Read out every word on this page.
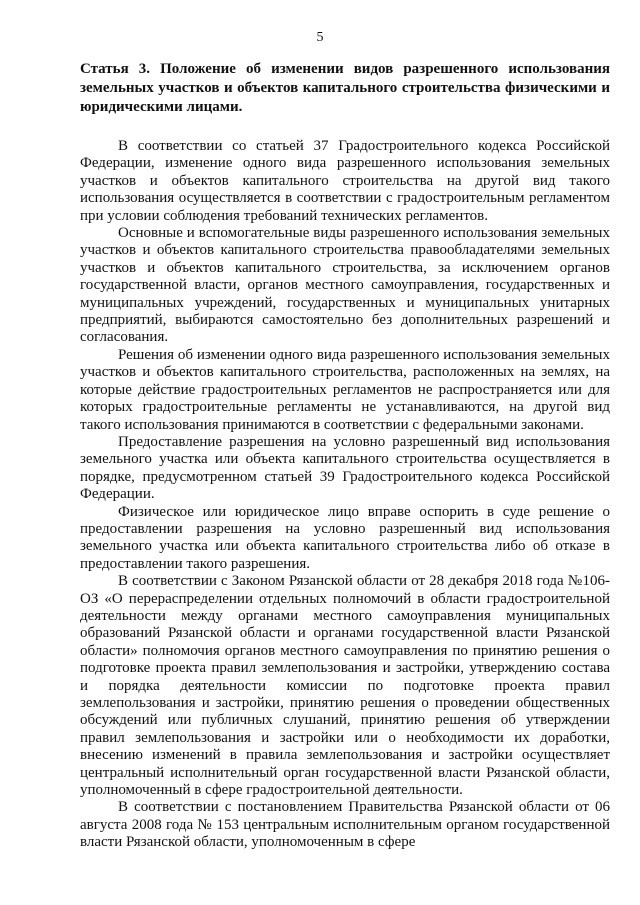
5

Статья 3. Положение об изменении видов разрешенного использования земельных участков и объектов капитального строительства физическими и юридическими лицами.

В соответствии со статьей 37 Градостроительного кодекса Российской Федерации, изменение одного вида разрешенного использования земельных участков и объектов капитального строительства на другой вид такого использования осуществляется в соответствии с градостроительным регламентом при условии соблюдения требований технических регламентов.

Основные и вспомогательные виды разрешенного использования земельных участков и объектов капитального строительства правообладателями земельных участков и объектов капитального строительства, за исключением органов государственной власти, органов местного самоуправления, государственных и муниципальных учреждений, государственных и муниципальных унитарных предприятий, выбираются самостоятельно без дополнительных разрешений и согласования.

Решения об изменении одного вида разрешенного использования земельных участков и объектов капитального строительства, расположенных на землях, на которые действие градостроительных регламентов не распространяется или для которых градостроительные регламенты не устанавливаются, на другой вид такого использования принимаются в соответствии с федеральными законами.

Предоставление разрешения на условно разрешенный вид использования земельного участка или объекта капитального строительства осуществляется в порядке, предусмотренном статьей 39 Градостроительного кодекса Российской Федерации.

Физическое или юридическое лицо вправе оспорить в суде решение о предоставлении разрешения на условно разрешенный вид использования земельного участка или объекта капитального строительства либо об отказе в предоставлении такого разрешения.

В соответствии с Законом Рязанской области от 28 декабря 2018 года №106-ОЗ «О перераспределении отдельных полномочий в области градостроительной деятельности между органами местного самоуправления муниципальных образований Рязанской области и органами государственной власти Рязанской области» полномочия органов местного самоуправления по принятию решения о подготовке проекта правил землепользования и застройки, утверждению состава и порядка деятельности комиссии по подготовке проекта правил землепользования и застройки, принятию решения о проведении общественных обсуждений или публичных слушаний, принятию решения об утверждении правил землепользования и застройки или о необходимости их доработки, внесению изменений в правила землепользования и застройки осуществляет центральный исполнительный орган государственной власти Рязанской области, уполномоченный в сфере градостроительной деятельности.

В соответствии с постановлением Правительства Рязанской области от 06 августа 2008 года № 153 центральным исполнительным органом государственной власти Рязанской области, уполномоченным в сфере
